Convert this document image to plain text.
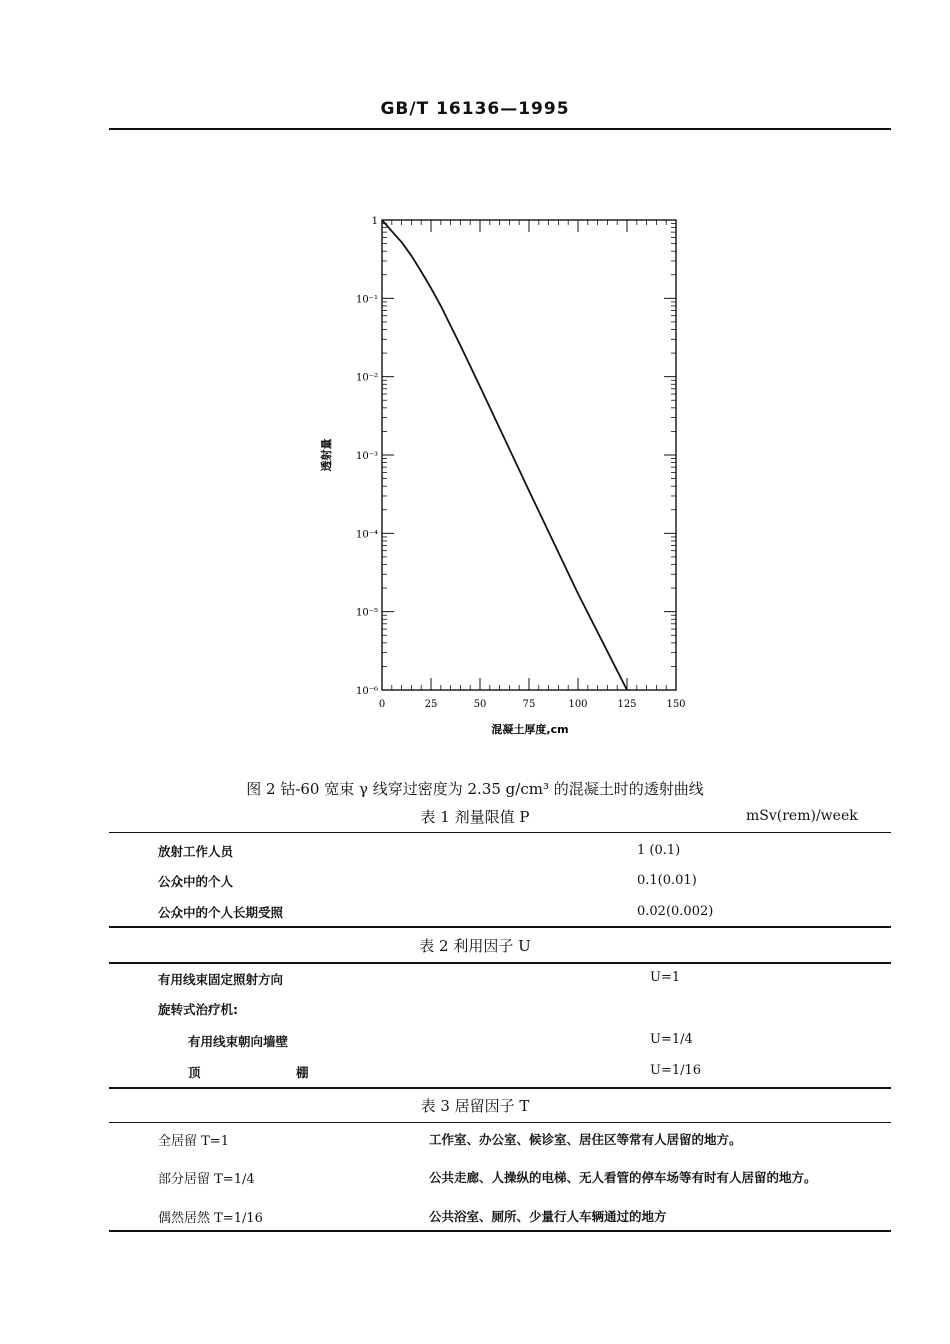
GB/T 16136—1995
0	25	50	75	100	125	150
1
10⁻¹
10⁻²
10⁻³
10⁻⁴
10⁻⁵
10⁻⁶
混凝土厚度,cm
透射量
图 2 钴-60 宽束 γ 线穿过密度为 2.35 g/cm³ 的混凝土时的透射曲线
表 1 剂量限值 P	mSv(rem)/week
放射工作人员	1 (0.1)
公众中的个人	0.1(0.01)
公众中的个人长期受照	0.02(0.002)
表 2 利用因子 U
有用线束固定照射方向	U=1
旋转式治疗机:
有用线束朝向墙壁	U=1/4
顶	棚	U=1/16
表 3 居留因子 T
全居留 T=1	工作室、办公室、候诊室、居住区等常有人居留的地方。
部分居留 T=1/4	公共走廊、人操纵的电梯、无人看管的停车场等有时有人居留的地方。
偶然居然 T=1/16	公共浴室、厕所、少量行人车辆通过的地方
